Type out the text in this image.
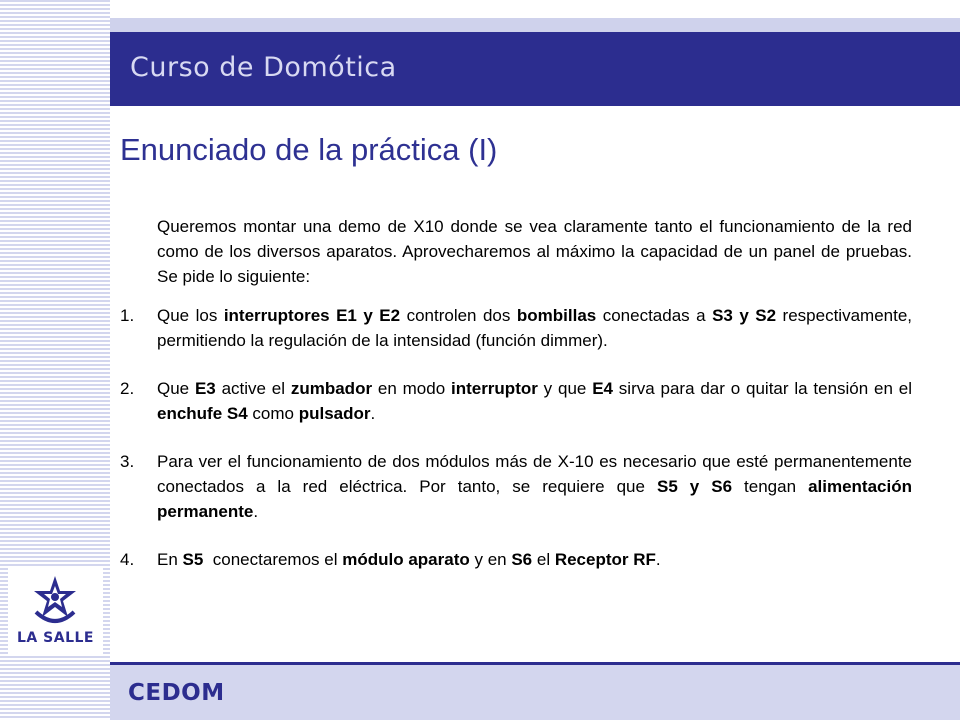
Curso de Domótica
Enunciado de la práctica (I)

Queremos montar una demo de X10 donde se vea claramente tanto el funcionamiento de la red como de los diversos aparatos. Aprovecharemos al máximo la capacidad de un panel de pruebas. Se pide lo siguiente:

1.	Que los interruptores E1 y E2 controlen dos bombillas conectadas a S3 y S2 respectivamente, permitiendo la regulación de la intensidad (función dimmer).
2.	Que E3 active el zumbador en modo interruptor y que E4 sirva para dar o quitar la tensión en el enchufe S4 como pulsador.
3.	Para ver el funcionamiento de dos módulos más de X-10 es necesario que esté permanentemente conectados a la red eléctrica. Por tanto, se requiere que S5 y S6 tengan alimentación permanente.
4.	En S5  conectaremos el módulo aparato y en S6 el Receptor RF.
LA SALLE
CEDOM
